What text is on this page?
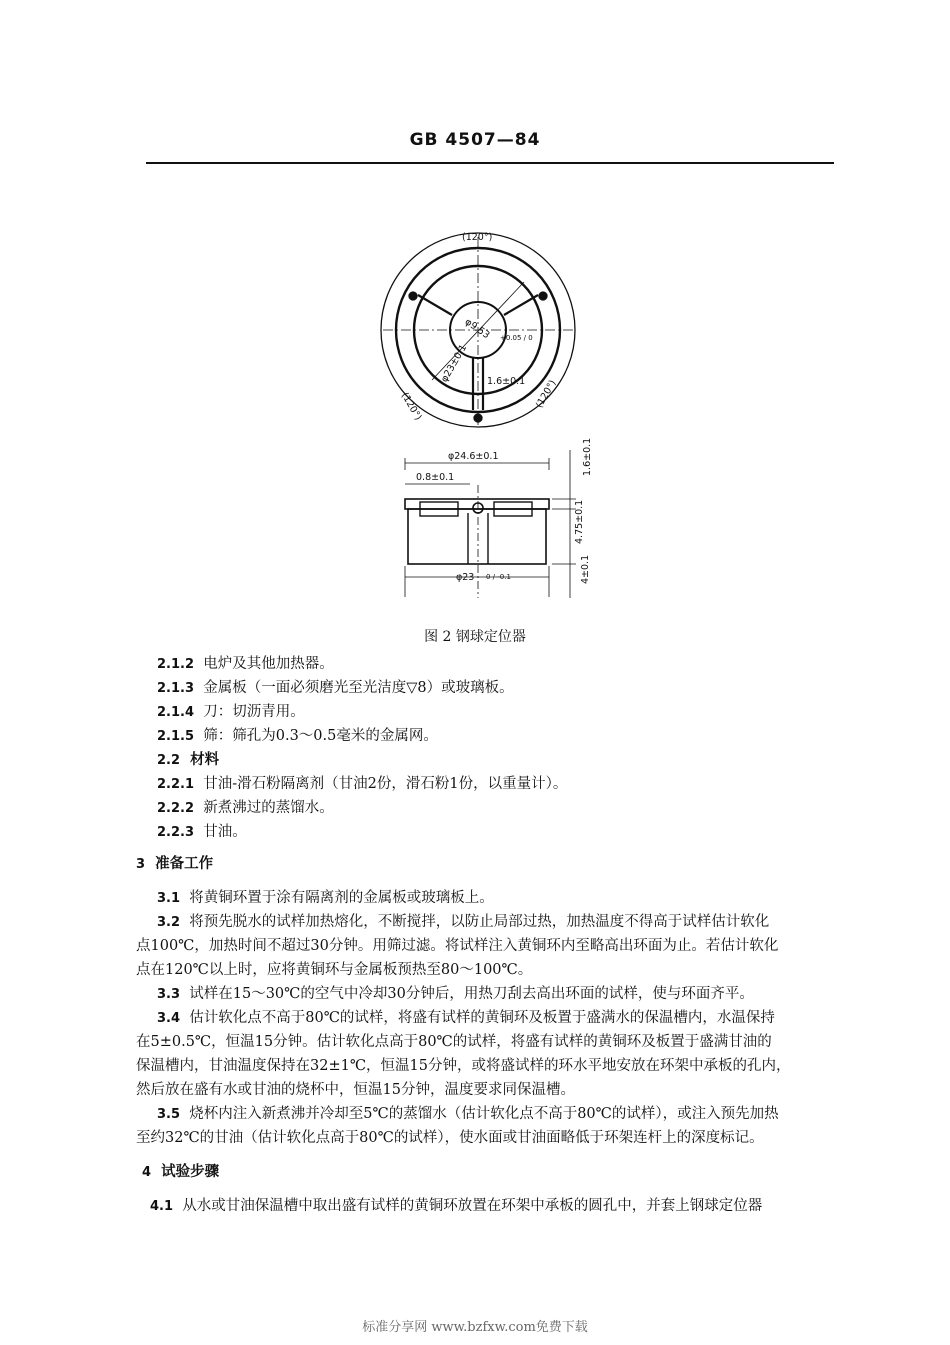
GB 4507—84
(120°)
(120°)	(120°)
φ9.53
φ23±0.1 1.6±0.1
φ24.6±0.1
0.8±0.1
φ23
1.6±0.1
4.75±0.1
4±0.1
0 / -0.1
+0.05 / 0
图 2 钢球定位器
2.1.2 电炉及其他加热器。
2.1.3 金属板（一面必须磨光至光洁度▽8）或玻璃板。
2.1.4 刀：切沥青用。
2.1.5 筛：筛孔为0.3～0.5毫米的金属网。
2.2 材料
2.2.1 甘油-滑石粉隔离剂（甘油2份，滑石粉1份，以重量计）。
2.2.2 新煮沸过的蒸馏水。
2.2.3 甘油。
3 准备工作
3.1 将黄铜环置于涂有隔离剂的金属板或玻璃板上。
3.2 将预先脱水的试样加热熔化，不断搅拌，以防止局部过热，加热温度不得高于试样估计软化
点100℃，加热时间不超过30分钟。用筛过滤。将试样注入黄铜环内至略高出环面为止。若估计软化
点在120℃以上时，应将黄铜环与金属板预热至80～100℃。
3.3 试样在15～30℃的空气中冷却30分钟后，用热刀刮去高出环面的试样，使与环面齐平。
3.4 估计软化点不高于80℃的试样，将盛有试样的黄铜环及板置于盛满水的保温槽内，水温保持
在5±0.5℃，恒温15分钟。估计软化点高于80℃的试样，将盛有试样的黄铜环及板置于盛满甘油的
保温槽内，甘油温度保持在32±1℃，恒温15分钟，或将盛试样的环水平地安放在环架中承板的孔内，
然后放在盛有水或甘油的烧杯中，恒温15分钟，温度要求同保温槽。
3.5 烧杯内注入新煮沸并冷却至5℃的蒸馏水（估计软化点不高于80℃的试样），或注入预先加热
至约32℃的甘油（估计软化点高于80℃的试样），使水面或甘油面略低于环架连杆上的深度标记。
4 试验步骤
4.1 从水或甘油保温槽中取出盛有试样的黄铜环放置在环架中承板的圆孔中，并套上钢球定位器
标准分享网 www.bzfxw.com免费下载
